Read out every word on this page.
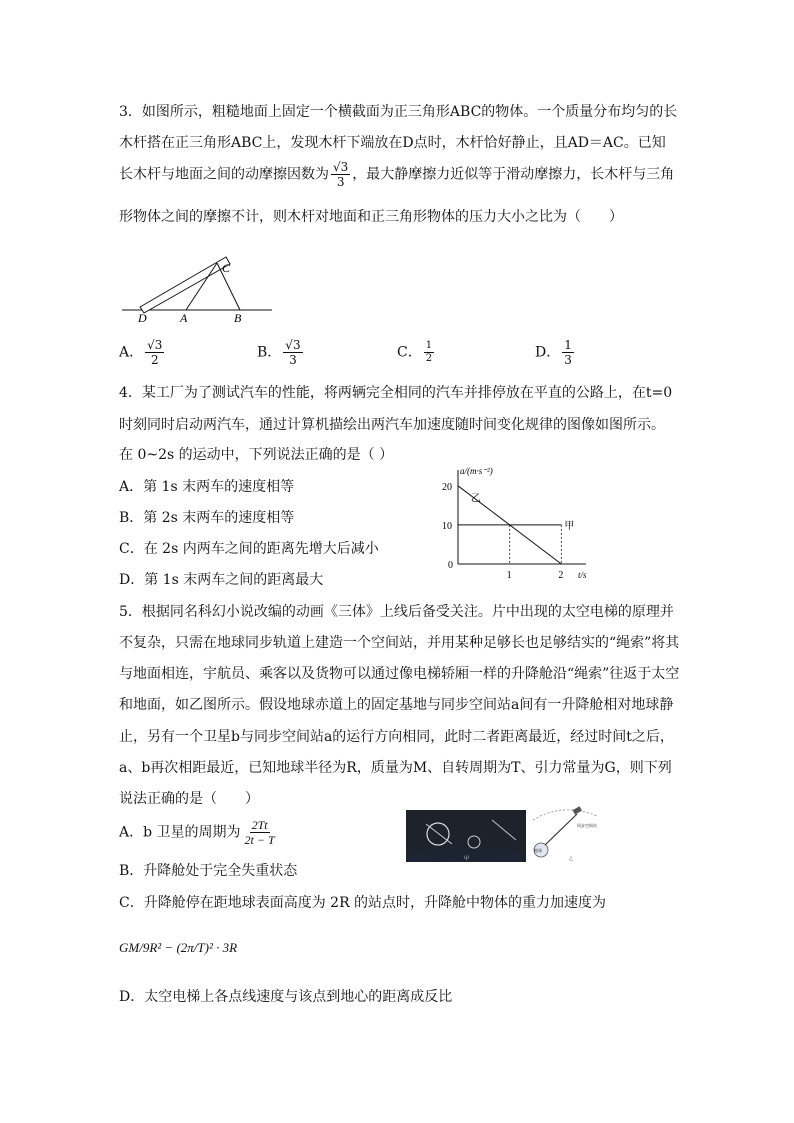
3．如图所示，粗糙地面上固定一个横截面为正三角形ABC的物体。一个质量分布均匀的长
木杆搭在正三角形ABC上，发现木杆下端放在D点时，木杆恰好静止，且AD＝AC。已知
长木杆与地面之间的动摩擦因数为 $\frac{√3}{3}$ ，最大静摩擦力近似等于滑动摩擦力，长木杆与三角
形物体之间的摩擦不计，则木杆对地面和正三角形物体的压力大小之比为（　　）
C
D	A	B
A． $\frac{√3}{2}$	B． $\frac{√3}{3}$	C． $\frac{1}{2}$	D． $\frac{1}{3}$
4．某工厂为了测试汽车的性能，将两辆完全相同的汽车并排停放在平直的公路上，在t=0
时刻同时启动两汽车，通过计算机描绘出两汽车加速度随时间变化规律的图像如图所示。
在 0~2s 的运动中，下列说法正确的是（ ）
A．第 1s 末两车的速度相等
B．第 2s 末两车的速度相等
C．在 2s 内两车之间的距离先增大后减小
D．第 1s 末两车之间的距离最大
a/(m·s⁻²)
t/s
0
10
20
1	2
甲
乙
5．根据同名科幻小说改编的动画《三体》上线后备受关注。片中出现的太空电梯的原理并
不复杂，只需在地球同步轨道上建造一个空间站，并用某种足够长也足够结实的“绳索”将其
与地面相连，宇航员、乘客以及货物可以通过像电梯轿厢一样的升降舱沿“绳索”往返于太空
和地面，如乙图所示。假设地球赤道上的固定基地与同步空间站a间有一升降舱相对地球静
止，另有一个卫星b与同步空间站a的运行方向相同，此时二者距离最近，经过时间t之后，
a、b再次相距最近，已知地球半径为R，质量为M、自转周期为T、引力常量为G，则下列
说法正确的是（　　）
A．b 卫星的周期为 $\frac{2Tt}{2t - T}$
B．升降舱处于完全失重状态
C．升降舱停在距地球表面高度为 2R 的站点时，升降舱中物体的重力加速度为
GM/9R² − (2π/T)² · 3R
D．太空电梯上各点线速度与该点到地心的距离成反比
甲
地球
同步空间站
乙
